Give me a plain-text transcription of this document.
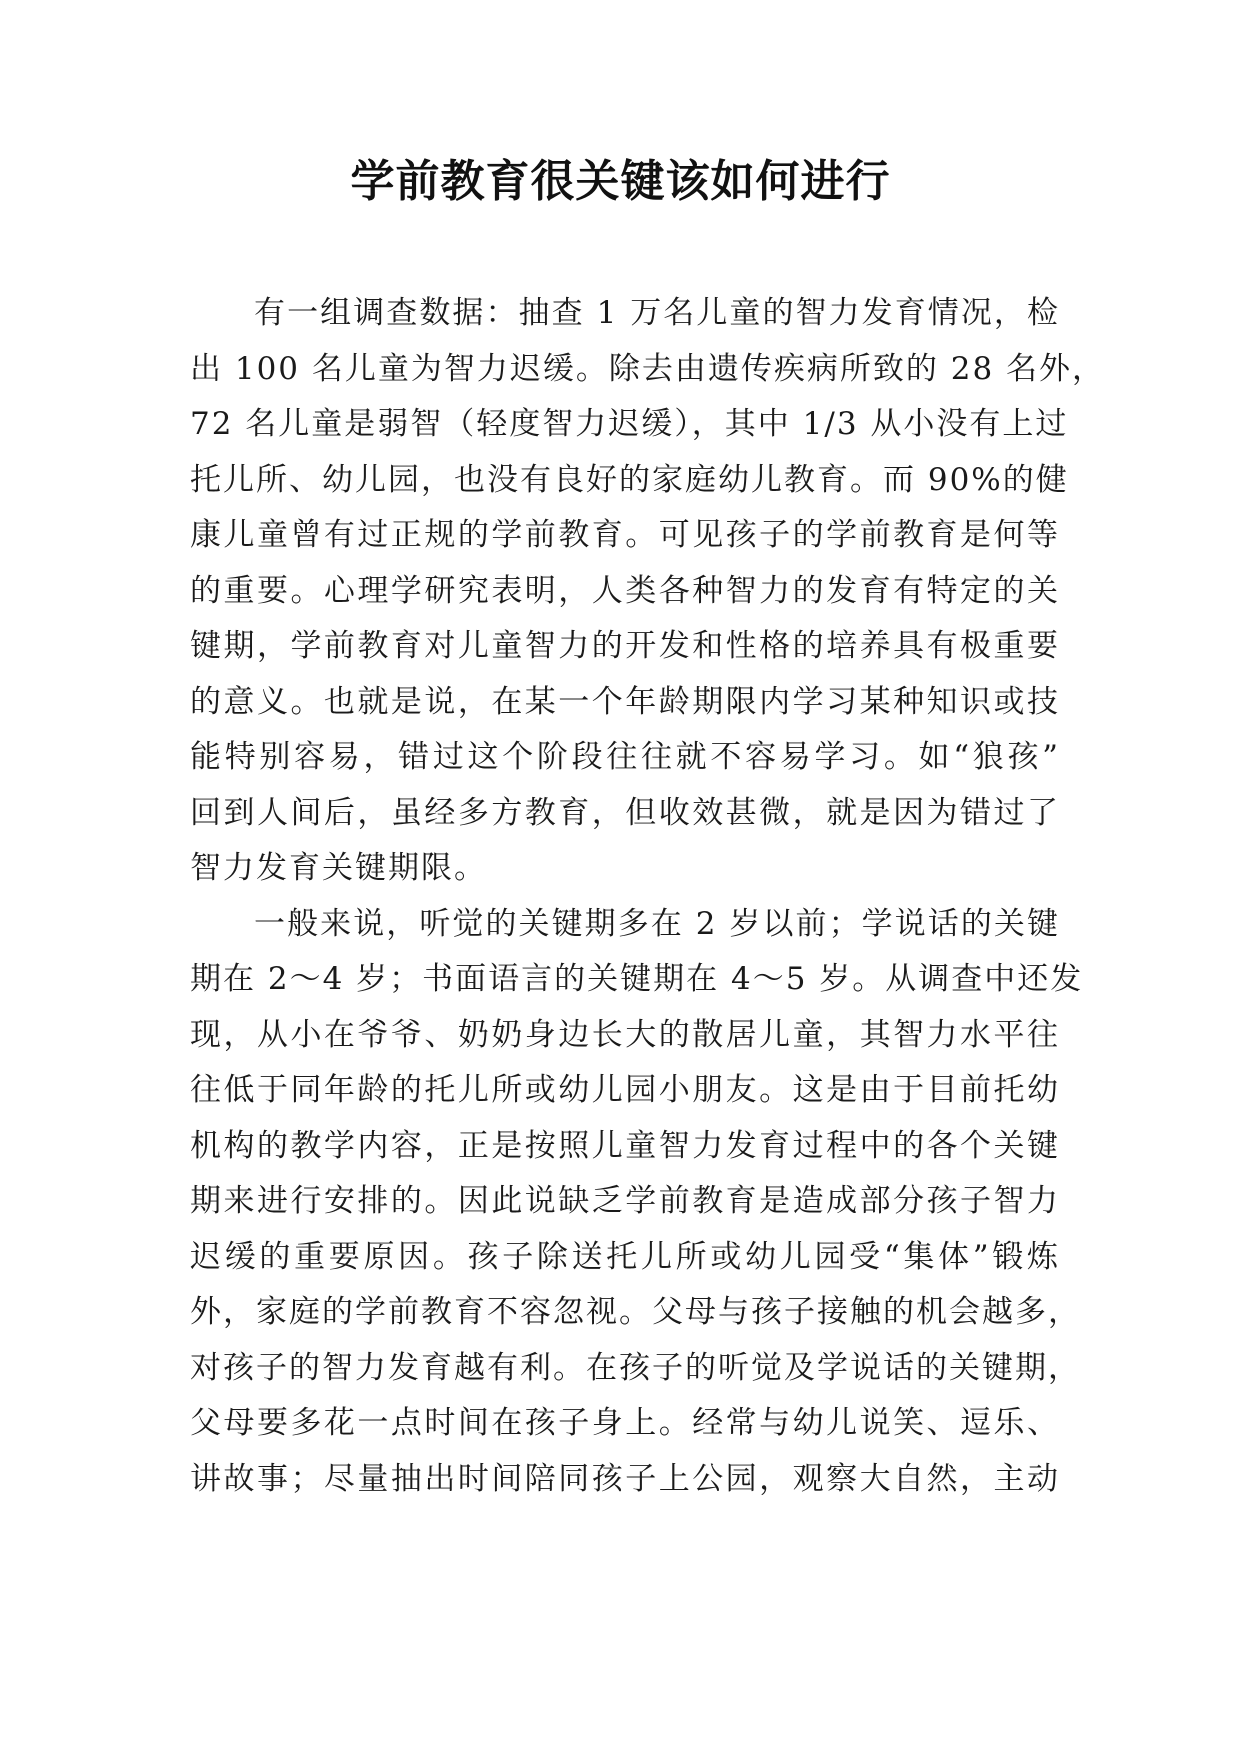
学前教育很关键该如何进行
有一组调查数据：抽查 1 万名儿童的智力发育情况，检
出 100 名儿童为智力迟缓。除去由遗传疾病所致的 28 名外，
72 名儿童是弱智（轻度智力迟缓），其中 1/3 从小没有上过
托儿所、幼儿园，也没有良好的家庭幼儿教育。而 90%的健
康儿童曾有过正规的学前教育。可见孩子的学前教育是何等
的重要。心理学研究表明，人类各种智力的发育有特定的关
键期，学前教育对儿童智力的开发和性格的培养具有极重要
的意义。也就是说，在某一个年龄期限内学习某种知识或技
能特别容易，错过这个阶段往往就不容易学习。如“狼孩”
回到人间后，虽经多方教育，但收效甚微，就是因为错过了
智力发育关键期限。
一般来说，听觉的关键期多在 2 岁以前；学说话的关键
期在 2～4 岁；书面语言的关键期在 4～5 岁。从调查中还发
现，从小在爷爷、奶奶身边长大的散居儿童，其智力水平往
往低于同年龄的托儿所或幼儿园小朋友。这是由于目前托幼
机构的教学内容，正是按照儿童智力发育过程中的各个关键
期来进行安排的。因此说缺乏学前教育是造成部分孩子智力
迟缓的重要原因。孩子除送托儿所或幼儿园受“集体”锻炼
外，家庭的学前教育不容忽视。父母与孩子接触的机会越多，
对孩子的智力发育越有利。在孩子的听觉及学说话的关键期，
父母要多花一点时间在孩子身上。经常与幼儿说笑、逗乐、
讲故事；尽量抽出时间陪同孩子上公园，观察大自然，主动
